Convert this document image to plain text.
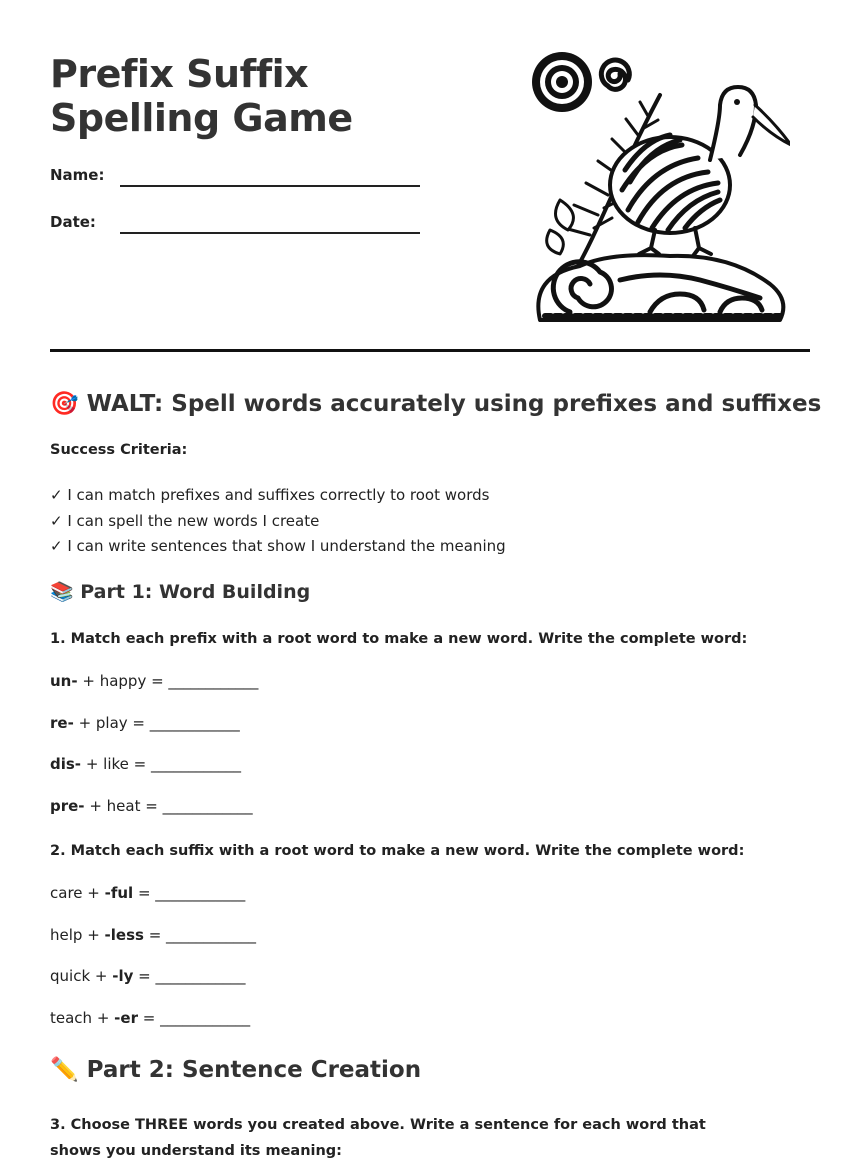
Prefix Suffix Spelling Game
Name:
Date:
🎯 WALT: Spell words accurately using prefixes and suffixes
Success Criteria:
✓ I can match prefixes and suffixes correctly to root words
✓ I can spell the new words I create
✓ I can write sentences that show I understand the meaning
📚 Part 1: Word Building
1. Match each prefix with a root word to make a new word. Write the complete word:
un- + happy = ____________
re- + play = ____________
dis- + like = ____________
pre- + heat = ____________
2. Match each suffix with a root word to make a new word. Write the complete word:
care + -ful = ____________
help + -less = ____________
quick + -ly = ____________
teach + -er = ____________
✏️ Part 2: Sentence Creation
3. Choose THREE words you created above. Write a sentence for each word that shows you understand its meaning:
